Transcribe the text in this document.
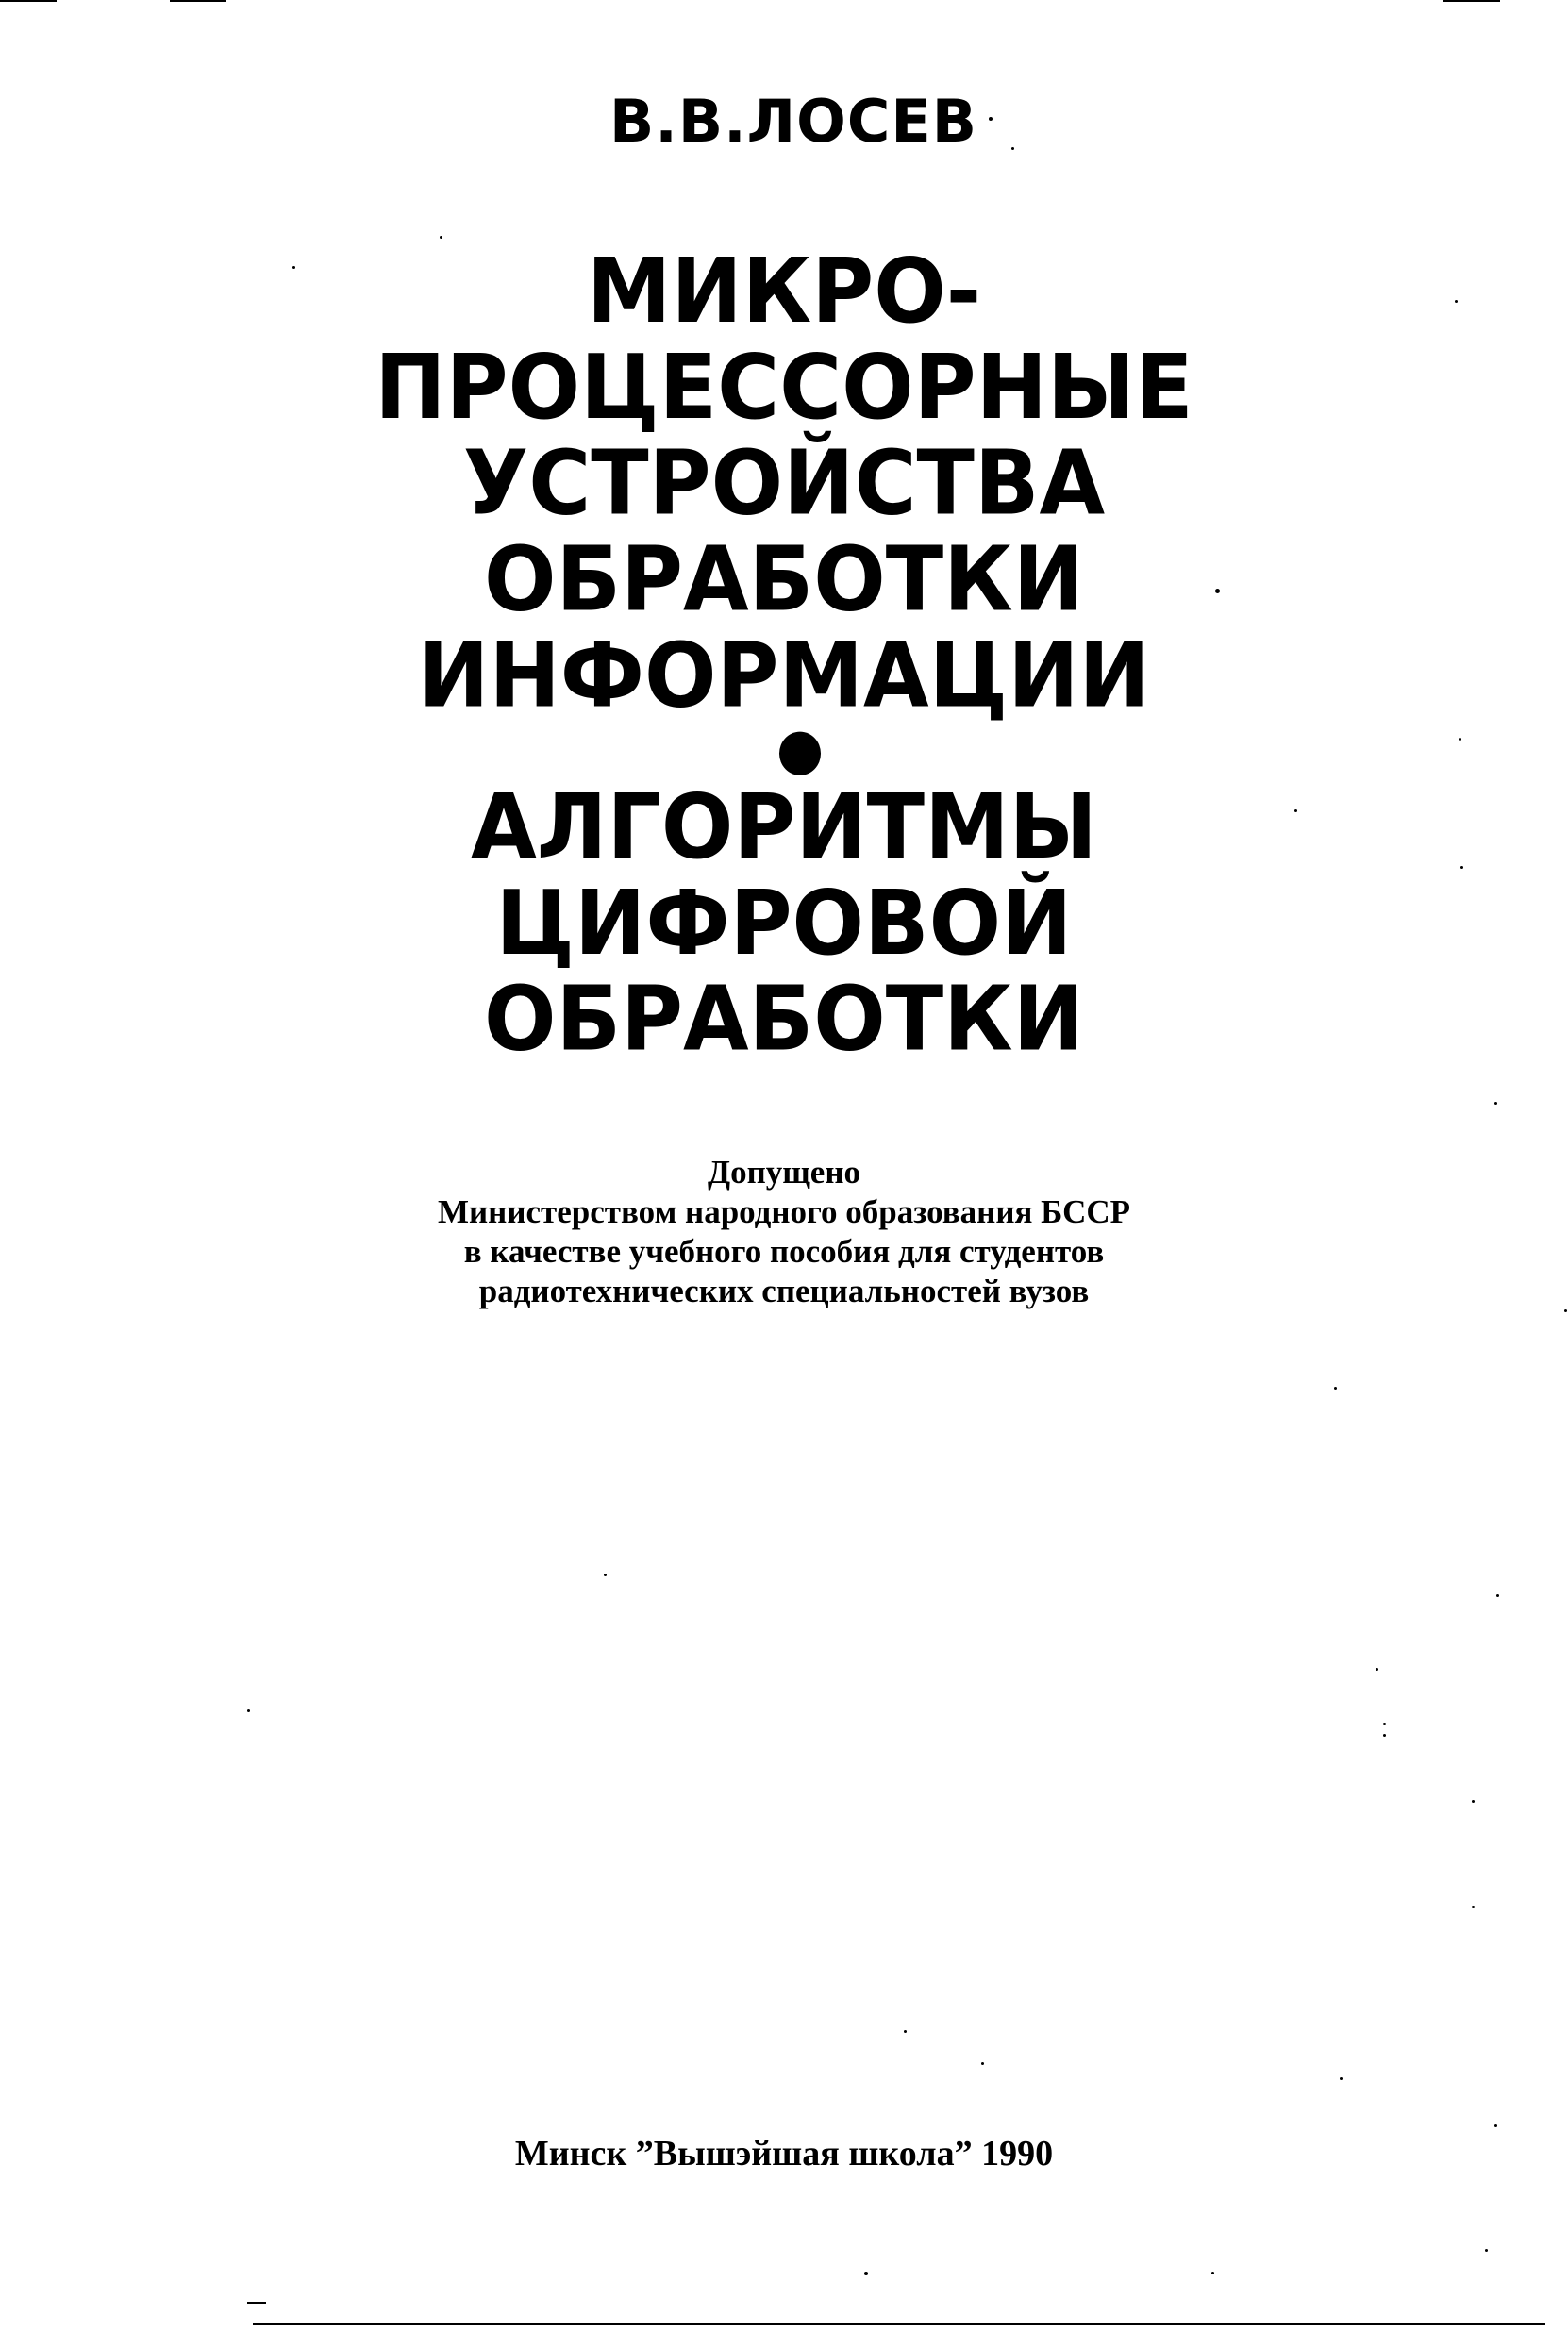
В.В.ЛОСЕВ
МИКРО-
ПРОЦЕССОРНЫЕ
УСТРОЙСТВА
ОБРАБОТКИ
ИНФОРМАЦИИ
АЛГОРИТМЫ
ЦИФРОВОЙ
ОБРАБОТКИ
Допущено
Министерством народного образования БССР
в качестве учебного пособия для студентов
радиотехнических специальностей вузов
Минск ”Вышэйшая школа” 1990
